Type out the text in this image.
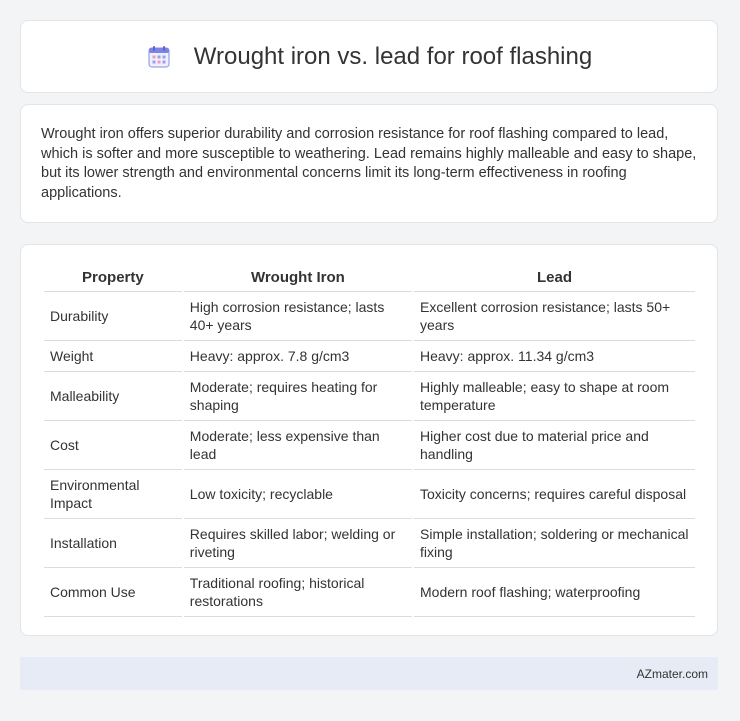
Wrought iron vs. lead for roof flashing

Wrought iron offers superior durability and corrosion resistance for roof flashing compared to lead, which is softer and more susceptible to weathering. Lead remains highly malleable and easy to shape, but its lower strength and environmental concerns limit its long-term effectiveness in roofing applications.

Property	Wrought Iron	Lead
Durability	High corrosion resistance; lasts 40+ years	Excellent corrosion resistance; lasts 50+ years
Weight	Heavy: approx. 7.8 g/cm3	Heavy: approx. 11.34 g/cm3
Malleability	Moderate; requires heating for shaping	Highly malleable; easy to shape at room temperature
Cost	Moderate; less expensive than lead	Higher cost due to material price and handling
Environmental Impact	Low toxicity; recyclable	Toxicity concerns; requires careful disposal
Installation	Requires skilled labor; welding or riveting	Simple installation; soldering or mechanical fixing
Common Use	Traditional roofing; historical restorations	Modern roof flashing; waterproofing
AZmater.com
